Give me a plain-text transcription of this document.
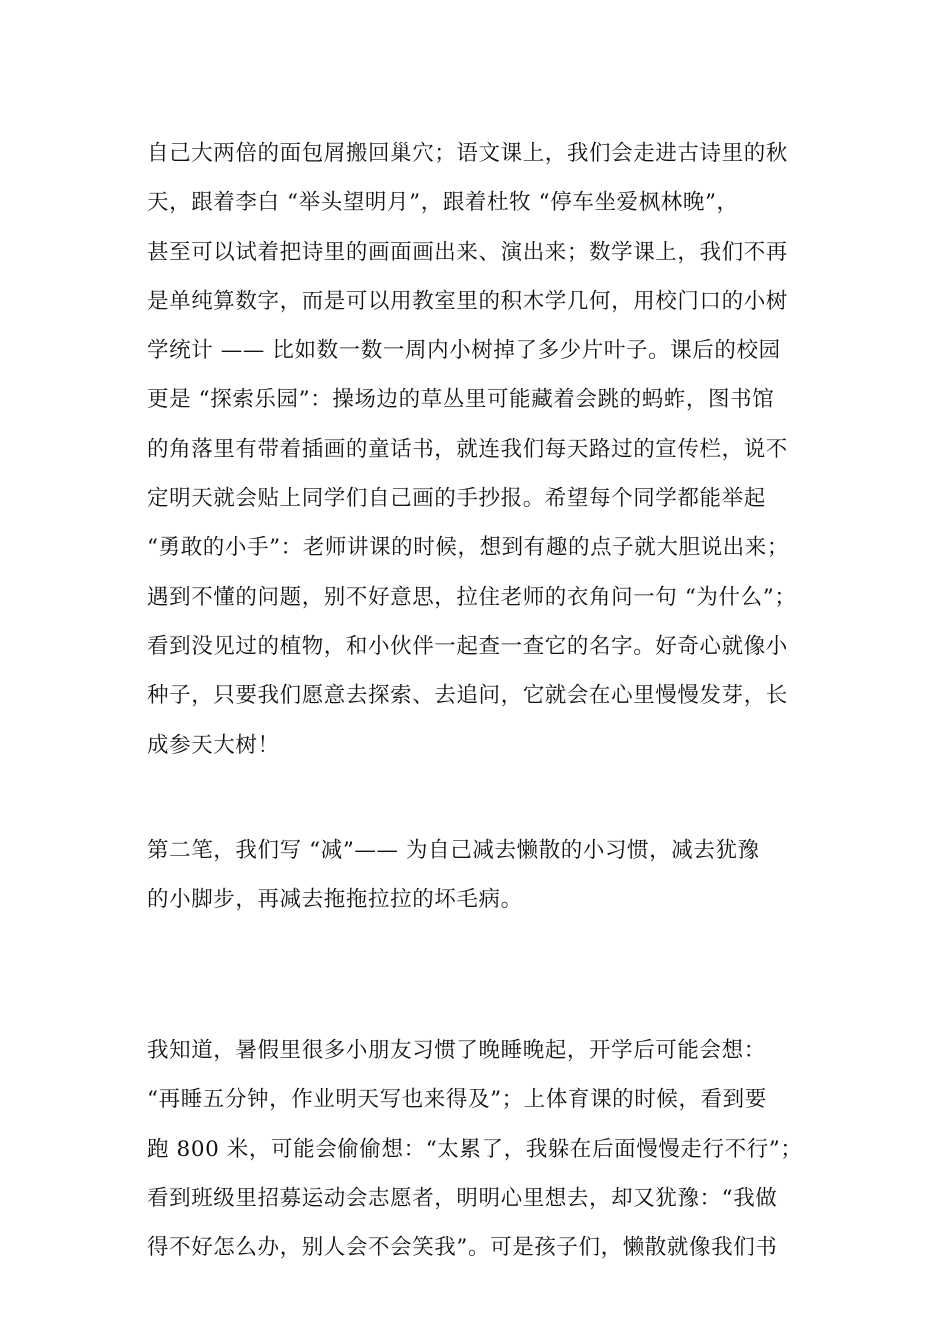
自己大两倍的面包屑搬回巢穴；语文课上，我们会走进古诗里的秋
天，跟着李白 “举头望明月”，跟着杜牧 “停车坐爱枫林晚”，
甚至可以试着把诗里的画面画出来、演出来；数学课上，我们不再
是单纯算数字，而是可以用教室里的积木学几何，用校门口的小树
学统计 —— 比如数一数一周内小树掉了多少片叶子。课后的校园
更是 “探索乐园”：操场边的草丛里可能藏着会跳的蚂蚱，图书馆
的角落里有带着插画的童话书，就连我们每天路过的宣传栏，说不
定明天就会贴上同学们自己画的手抄报。希望每个同学都能举起
“勇敢的小手”：老师讲课的时候，想到有趣的点子就大胆说出来；
遇到不懂的问题，别不好意思，拉住老师的衣角问一句 “为什么”；
看到没见过的植物，和小伙伴一起查一查它的名字。好奇心就像小
种子，只要我们愿意去探索、去追问，它就会在心里慢慢发芽，长
成参天大树！
第二笔，我们写 “减”—— 为自己减去懒散的小习惯，减去犹豫
的小脚步，再减去拖拖拉拉的坏毛病。
我知道，暑假里很多小朋友习惯了晚睡晚起，开学后可能会想：
“再睡五分钟，作业明天写也来得及”；上体育课的时候，看到要
跑 800 米，可能会偷偷想：“太累了，我躲在后面慢慢走行不行”；
看到班级里招募运动会志愿者，明明心里想去，却又犹豫：“我做
得不好怎么办，别人会不会笑我”。可是孩子们，懒散就像我们书
